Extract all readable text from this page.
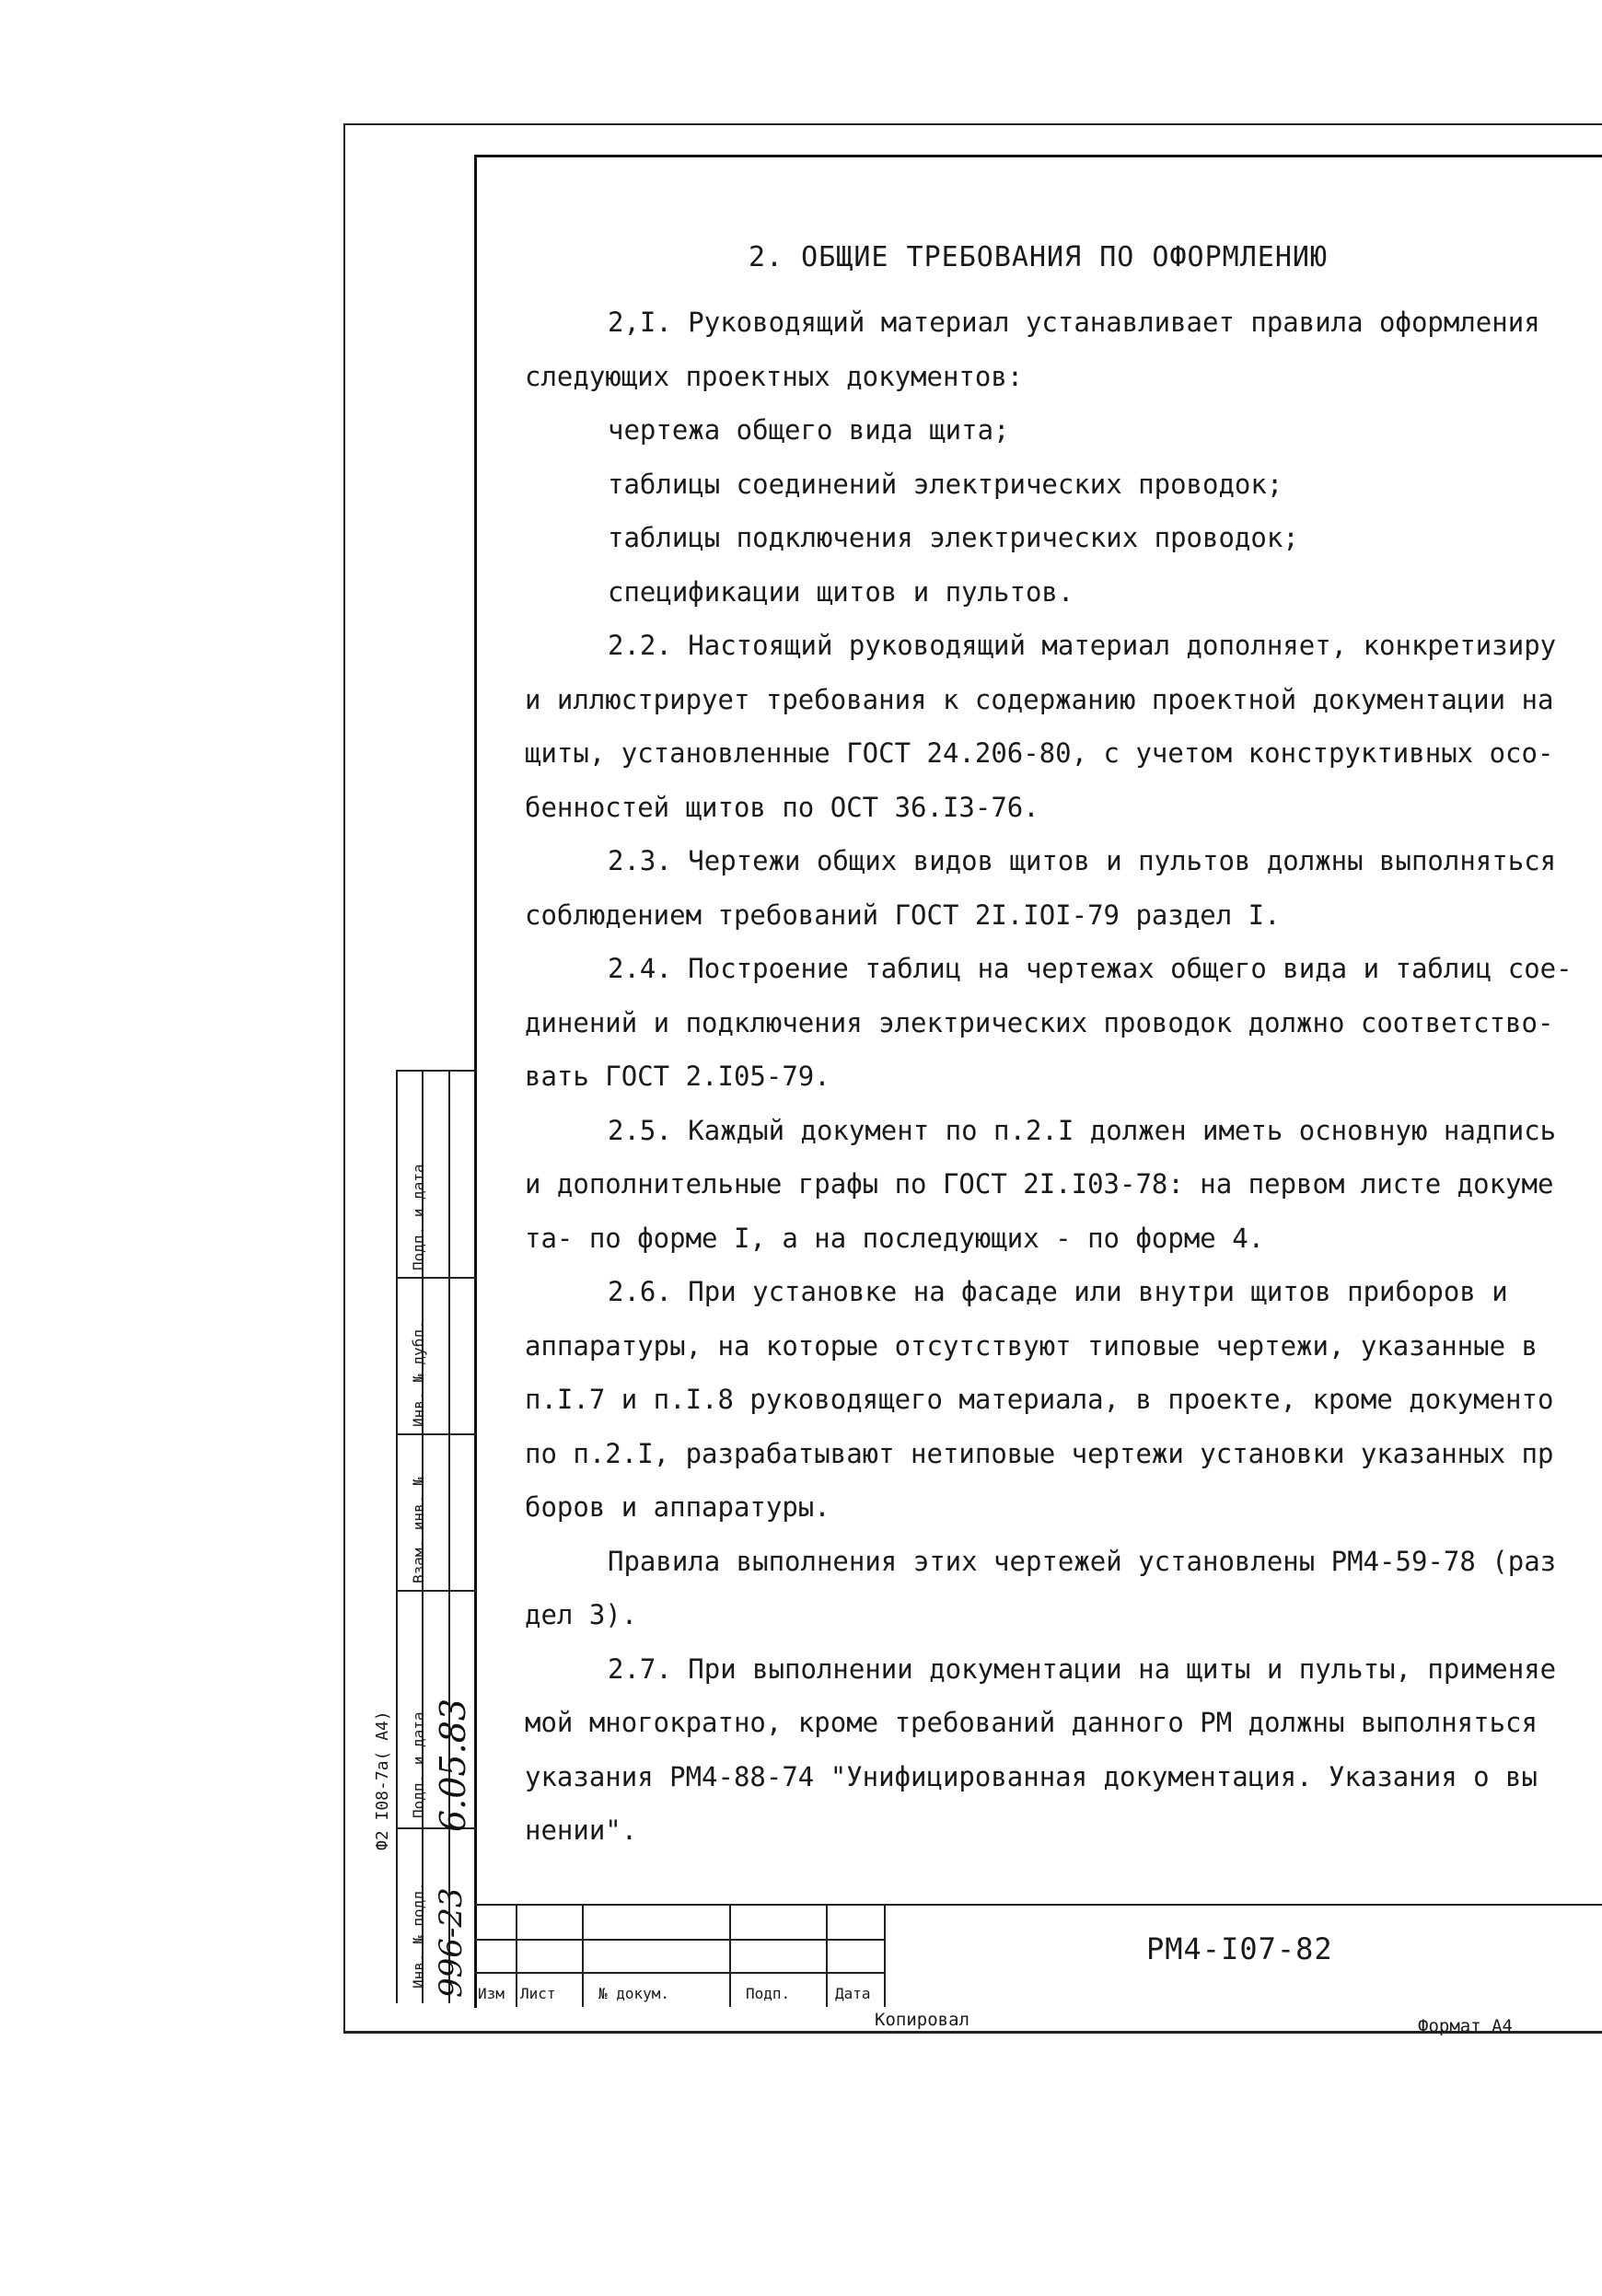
2. ОБЩИЕ ТРЕБОВАНИЯ ПО ОФОРМЛЕНИЮ
2,I. Руководящий материал устанавливает правила оформления
следующих проектных документов:
чертежа общего вида щита;
таблицы соединений электрических проводок;
таблицы подключения электрических проводок;
спецификации щитов и пультов.
2.2. Настоящий руководящий материал дополняет, конкретизиру
и иллюстрирует требования к содержанию проектной документации на
щиты, установленные ГОСТ 24.206-80, с учетом конструктивных осо-
бенностей щитов по ОСТ 36.I3-76.
2.3. Чертежи общих видов щитов и пультов должны выполняться
соблюдением требований ГОСТ 2I.IOI-79 раздел I.
2.4. Построение таблиц на чертежах общего вида и таблиц сое-
динений и подключения электрических проводок должно соответство-
вать ГОСТ 2.I05-79.
2.5. Каждый документ по п.2.I должен иметь основную надпись
и дополнительные графы по ГОСТ 2I.I03-78: на первом листе докуме
та- по форме I, а на последующих - по форме 4.
2.6. При установке на фасаде или внутри щитов приборов и
аппаратуры, на которые отсутствуют типовые чертежи, указанные в
п.I.7 и п.I.8 руководящего материала, в проекте, кроме документо
по п.2.I, разрабатывают нетиповые чертежи установки указанных пр
боров и аппаратуры.
Правила выполнения этих чертежей установлены РМ4-59-78 (раз
дел 3).
2.7. При выполнении документации на щиты и пульты, применяе
мой многократно, кроме требований данного РМ должны выполняться
указания РМ4-88-74 "Унифицированная документация. Указания о вы
нении".
Подп. и дата
Инв. № дубл.
Взам. инв. №
Подп. и дата
Инв. № подл.
6.05.83
996-23
Ф2 I08-7а( А4)
Изм Лист	№ докум.	Подп.	Дата
РМ4-I07-82
Копировал	Формат А4
